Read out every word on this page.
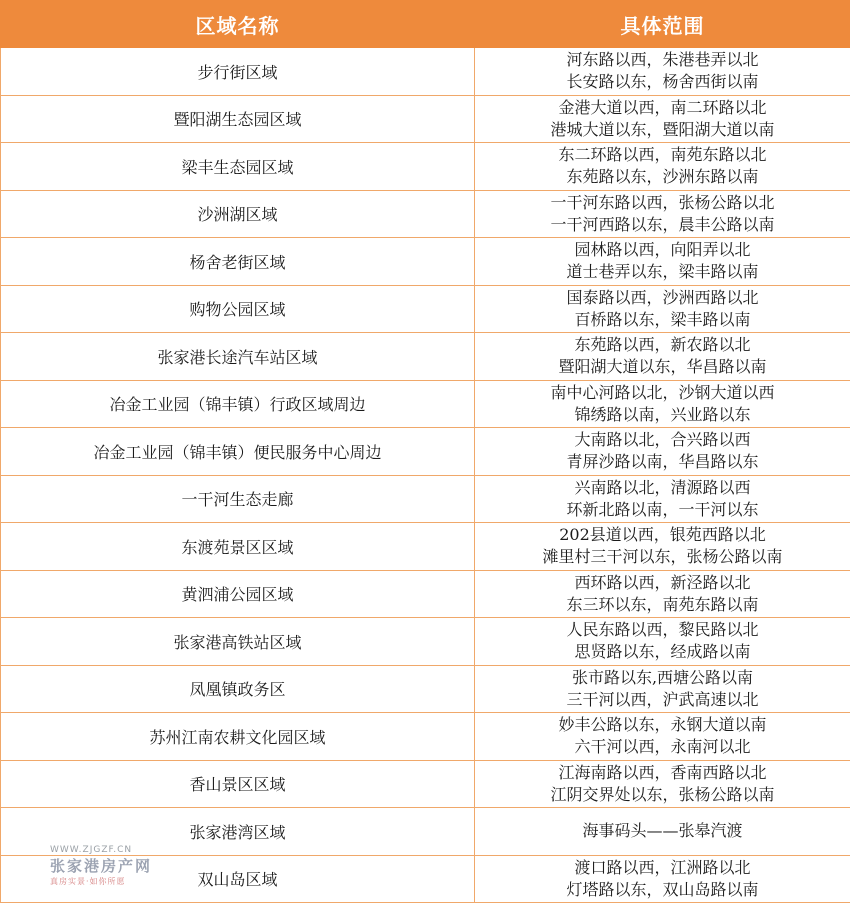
区域名称	具体范围
步行街区域	河东路以西，朱港巷弄以北
长安路以东，杨舍西街以南

暨阳湖生态园区域	金港大道以西，南二环路以北
港城大道以东，暨阳湖大道以南

梁丰生态园区域	东二环路以西，南苑东路以北
东苑路以东，沙洲东路以南

沙洲湖区域	一干河东路以西，张杨公路以北
一干河西路以东，晨丰公路以南

杨舍老街区域	园林路以西，向阳弄以北
道士巷弄以东，梁丰路以南

购物公园区域	国泰路以西，沙洲西路以北
百桥路以东，梁丰路以南

张家港长途汽车站区域	东苑路以西，新农路以北
暨阳湖大道以东，华昌路以南

冶金工业园（锦丰镇）行政区域周边	南中心河路以北，沙钢大道以西
锦绣路以南，兴业路以东

冶金工业园（锦丰镇）便民服务中心周边	大南路以北，合兴路以西
青屏沙路以南，华昌路以东

一干河生态走廊	兴南路以北，清源路以西
环新北路以南，一干河以东

东渡苑景区区域	202县道以西，银苑西路以北
滩里村三干河以东，张杨公路以南

黄泗浦公园区域	西环路以西，新泾路以北
东三环以东，南苑东路以南

张家港高铁站区域	人民东路以西，黎民路以北
思贤路以东，经成路以南

凤凰镇政务区	张市路以东,西塘公路以南
三干河以西，沪武高速以北

苏州江南农耕文化园区域	妙丰公路以东，永钢大道以南
六干河以西，永南河以北

香山景区区域	江海南路以西，香南西路以北
江阴交界处以东，张杨公路以南

张家港湾区域	海事码头——张皋汽渡

双山岛区域	渡口路以西，江洲路以北
灯塔路以东，双山岛路以南
WWW.ZJGZF.CN
张家港房产网
真房实景·如你所愿
